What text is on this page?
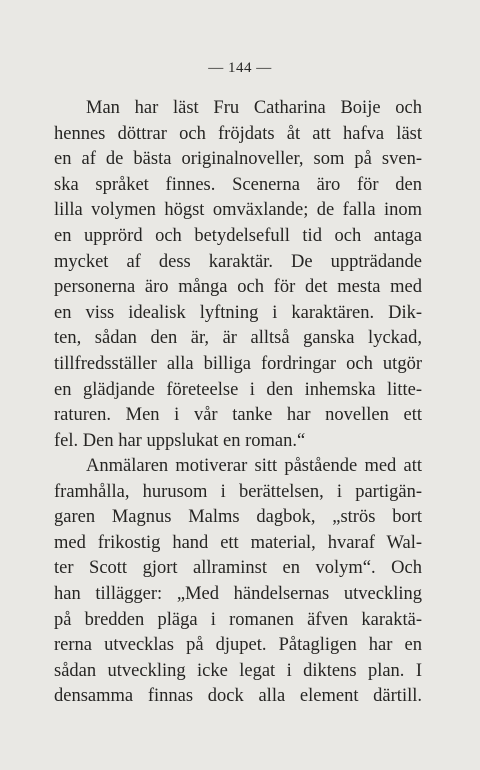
— 144 —
Man har läst Fru Catharina Boije och
hennes döttrar och fröjdats åt att hafva läst
en af de bästa originalnoveller, som på sven-
ska språket finnes. Scenerna äro för den
lilla volymen högst omväxlande; de falla inom
en upprörd och betydelsefull tid och antaga
mycket af dess karaktär. De uppträdande
personerna äro många och för det mesta med
en viss idealisk lyftning i karaktären. Dik-
ten, sådan den är, är alltså ganska lyckad,
tillfredsställer alla billiga fordringar och utgör
en glädjande företeelse i den inhemska litte-
raturen. Men i vår tanke har novellen ett
fel. Den har uppslukat en roman.“
Anmälaren motiverar sitt påstående med att
framhålla, hurusom i berättelsen, i partigän-
garen Magnus Malms dagbok, „strös bort
med frikostig hand ett material, hvaraf Wal-
ter Scott gjort allraminst en volym“. Och
han tillägger: „Med händelsernas utveckling
på bredden pläga i romanen äfven karaktä-
rerna utvecklas på djupet. Påtagligen har en
sådan utveckling icke legat i diktens plan. I
densamma finnas dock alla element därtill.
